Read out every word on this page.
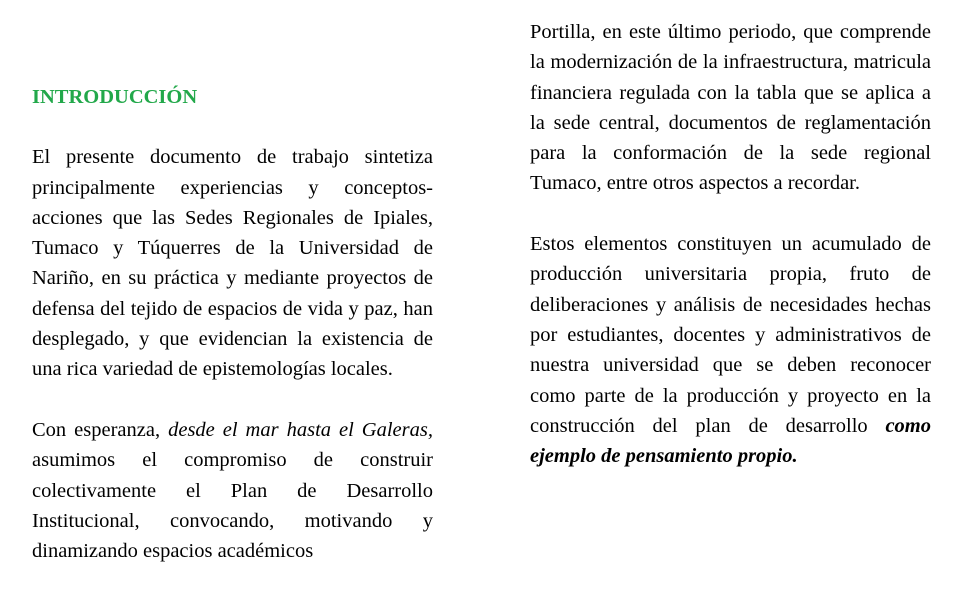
INTRODUCCIÓN

El presente documento de trabajo sintetiza principalmente experiencias y conceptos-acciones que las Sedes Regionales de Ipiales, Tumaco y Túquerres de la Universidad de Nariño, en su práctica y mediante proyectos de defensa del tejido de espacios de vida y paz, han desplegado, y que evidencian la existencia de una rica variedad de epistemologías locales.

Con esperanza, desde el mar hasta el Galeras, asumimos el compromiso de construir colectivamente el Plan de Desarrollo Institucional, convocando, motivando y dinamizando espacios académicos

Portilla, en este último periodo, que comprende la modernización de la infraestructura, matricula financiera regulada con la tabla que se aplica a la sede central, documentos de reglamentación para la conformación de la sede regional Tumaco, entre otros aspectos a recordar.

Estos elementos constituyen un acumulado de producción universitaria propia, fruto de deliberaciones y análisis de necesidades hechas por estudiantes, docentes y administrativos de nuestra universidad que se deben reconocer como parte de la producción y proyecto en la construcción del plan de desarrollo como ejemplo de pensamiento propio.
